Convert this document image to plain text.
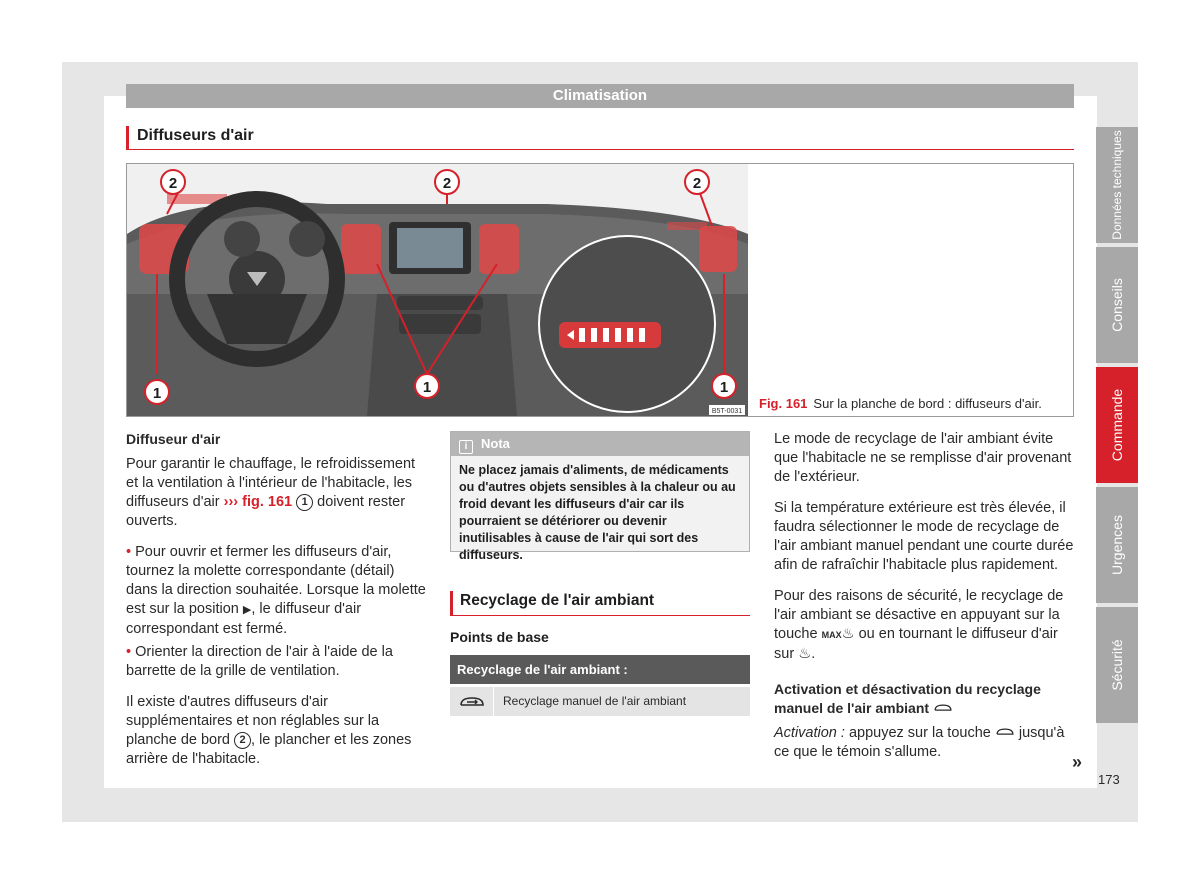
Climatisation
Diffuseurs d'air
2	2	2
1	1	1
B5T-0031
Fig. 161 Sur la planche de bord : diffuseurs d'air.
Diffuseur d'air

Pour garantir le chauffage, le refroidissement et la ventilation à l'intérieur de l'habitacle, les diffuseurs d'air ››› fig. 161 1 doivent rester ouverts.

• Pour ouvrir et fermer les diffuseurs d'air, tournez la molette correspondante (détail) dans la direction souhaitée. Lorsque la molette est sur la position ▶, le diffuseur d'air correspondant est fermé.

• Orienter la direction de l'air à l'aide de la barrette de la grille de ventilation.

Il existe d'autres diffuseurs d'air supplémentaires et non réglables sur la planche de bord 2 , le plancher et les zones arrière de l'habitacle.

i Nota
Ne placez jamais d'aliments, de médicaments ou d'autres objets sensibles à la chaleur ou au froid devant les diffuseurs d'air car ils pourraient se détériorer ou devenir inutilisables à cause de l'air qui sort des diffuseurs.
Recyclage de l'air ambiant
Points de base
Recyclage de l'air ambiant :
Recyclage manuel de l'air ambiant

Le mode de recyclage de l'air ambiant évite que l'habitacle ne se remplisse d'air provenant de l'extérieur.

Si la température extérieure est très élevée, il faudra sélectionner le mode de recyclage de l'air ambiant manuel pendant une courte durée afin de rafraîchir l'habitacle plus rapidement.

Pour des raisons de sécurité, le recyclage de l'air ambiant se désactive en appuyant sur la touche MAX♨ ou en tournant le diffuseur d'air sur ♨.

Activation et désactivation du recyclage manuel de l'air ambiant

Activation : appuyez sur la touche jusqu'à ce que le témoin s'allume.	»
Données techniques
Conseils
Commande
Urgences
Sécurité
173
